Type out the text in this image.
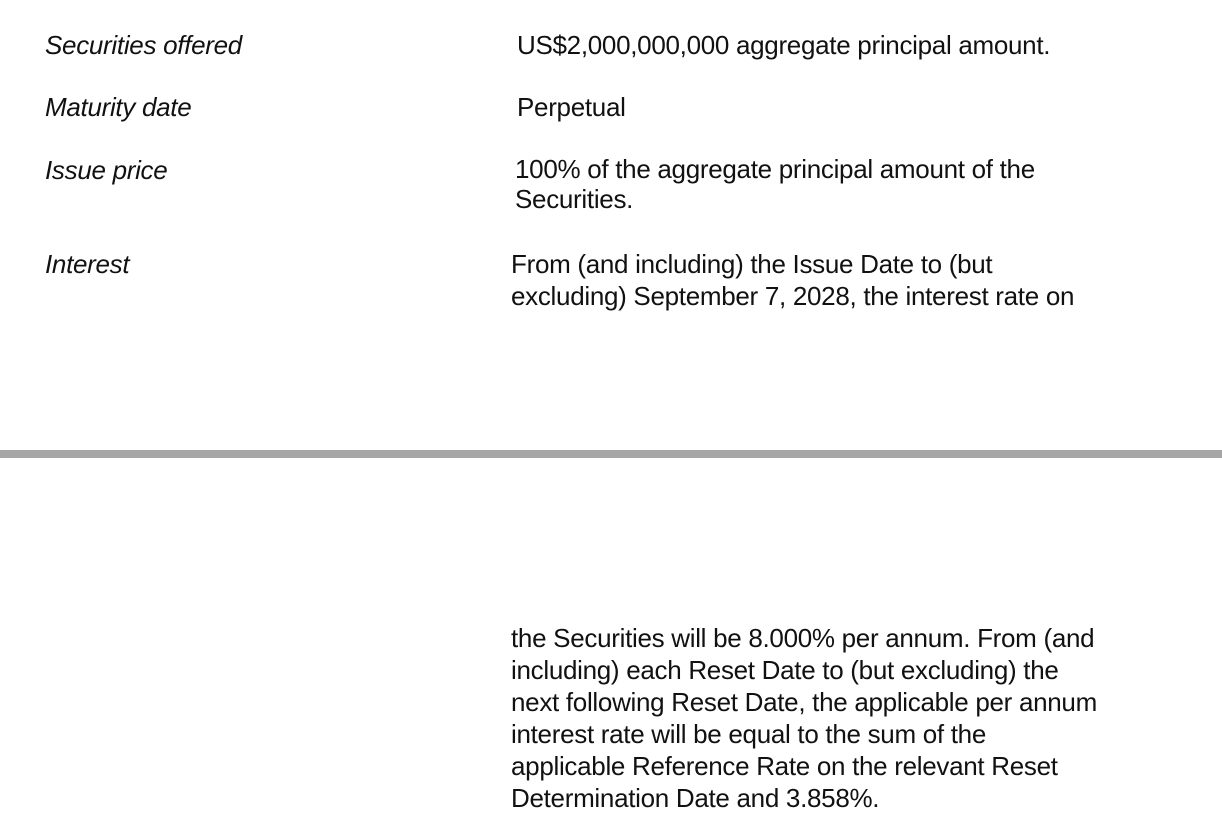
Securities offered	US$2,000,000,000 aggregate principal amount.
Maturity date	Perpetual
Issue price	100% of the aggregate principal amount of the
Securities.
Interest	From (and including) the Issue Date to (but
excluding) September 7, 2028, the interest rate on
the Securities will be 8.000% per annum. From (and
including) each Reset Date to (but excluding) the
next following Reset Date, the applicable per annum
interest rate will be equal to the sum of the
applicable Reference Rate on the relevant Reset
Determination Date and 3.858%.
